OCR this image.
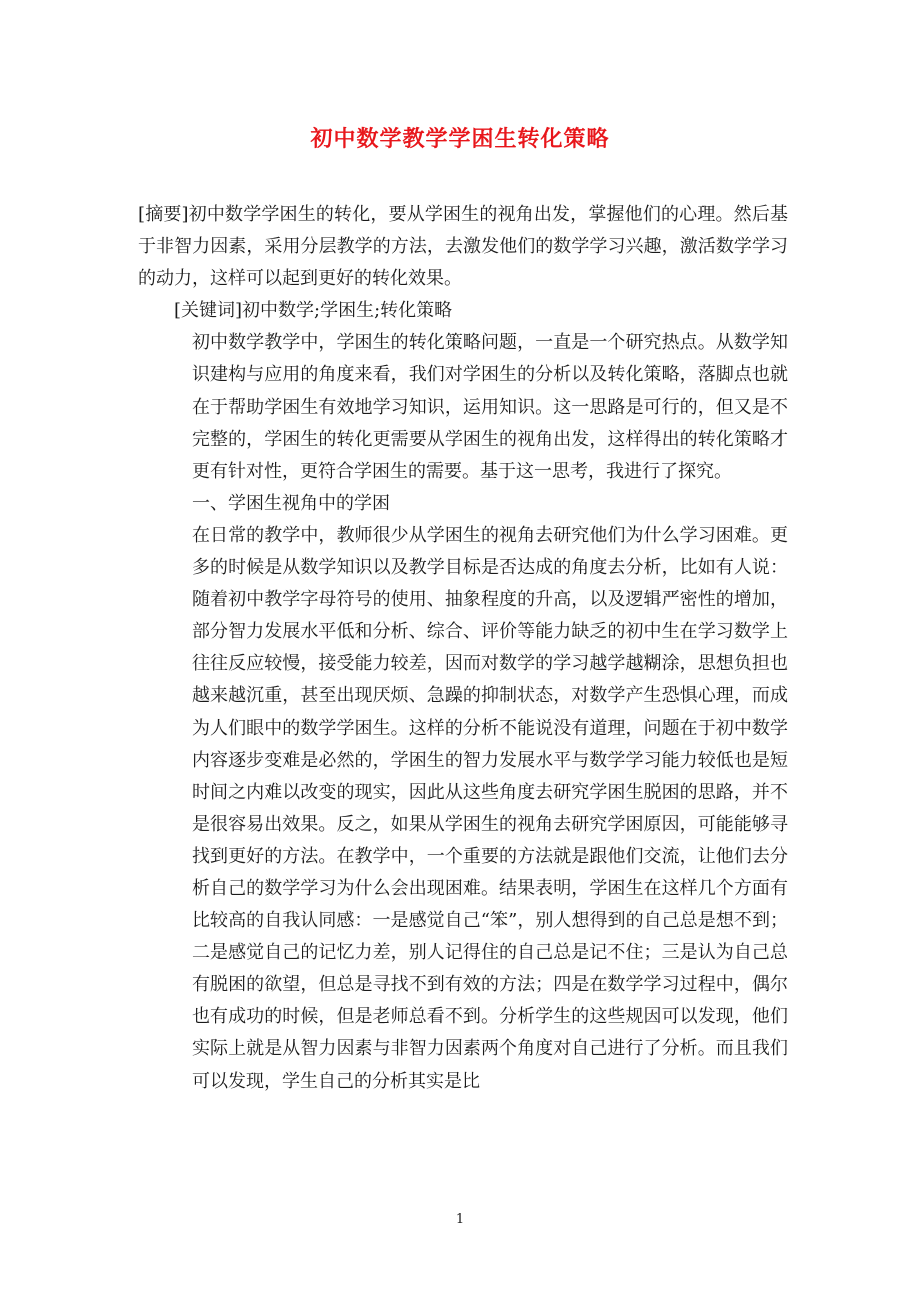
初中数学教学学困生转化策略

[摘要]初中数学学困生的转化，要从学困生的视角出发，掌握他们的心理。然后基于非智力因素，采用分层教学的方法，去激发他们的数学学习兴趣，激活数学学习的动力，这样可以起到更好的转化效果。

[关键词]初中数学;学困生;转化策略

初中数学教学中，学困生的转化策略问题，一直是一个研究热点。从数学知识建构与应用的角度来看，我们对学困生的分析以及转化策略，落脚点也就在于帮助学困生有效地学习知识，运用知识。这一思路是可行的，但又是不完整的，学困生的转化更需要从学困生的视角出发，这样得出的转化策略才更有针对性，更符合学困生的需要。基于这一思考，我进行了探究。

一、学困生视角中的学困

在日常的教学中，教师很少从学困生的视角去研究他们为什么学习困难。更多的时候是从数学知识以及教学目标是否达成的角度去分析，比如有人说：随着初中教学字母符号的使用、抽象程度的升高，以及逻辑严密性的增加，部分智力发展水平低和分析、综合、评价等能力缺乏的初中生在学习数学上往往反应较慢，接受能力较差，因而对数学的学习越学越糊涂，思想负担也越来越沉重，甚至出现厌烦、急躁的抑制状态，对数学产生恐惧心理，而成为人们眼中的数学学困生。这样的分析不能说没有道理，问题在于初中数学内容逐步变难是必然的，学困生的智力发展水平与数学学习能力较低也是短时间之内难以改变的现实，因此从这些角度去研究学困生脱困的思路，并不是很容易出效果。反之，如果从学困生的视角去研究学困原因，可能能够寻找到更好的方法。在教学中，一个重要的方法就是跟他们交流，让他们去分析自己的数学学习为什么会出现困难。结果表明，学困生在这样几个方面有比较高的自我认同感：一是感觉自己“笨”，别人想得到的自己总是想不到；二是感觉自己的记忆力差，别人记得住的自己总是记不住；三是认为自己总有脱困的欲望，但总是寻找不到有效的方法；四是在数学学习过程中，偶尔也有成功的时候，但是老师总看不到。分析学生的这些规因可以发现，他们实际上就是从智力因素与非智力因素两个角度对自己进行了分析。而且我们可以发现，学生自己的分析其实是比

1
